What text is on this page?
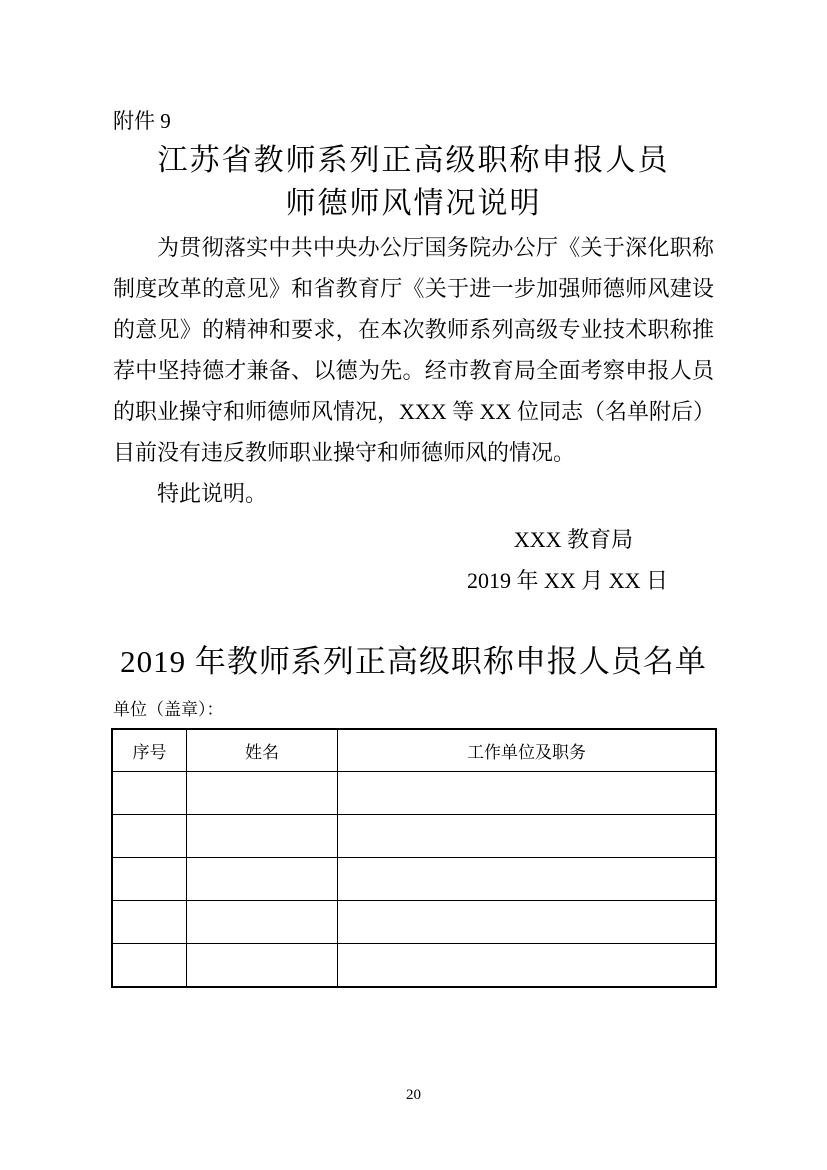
附件 9
江苏省教师系列正高级职称申报人员
师德师风情况说明
为贯彻落实中共中央办公厅国务院办公厅《关于深化职称
制度改革的意见》和省教育厅《关于进一步加强师德师风建设
的意见》的精神和要求，在本次教师系列高级专业技术职称推
荐中坚持德才兼备、以德为先。经市教育局全面考察申报人员
的职业操守和师德师风情况，XXX 等 XX 位同志（名单附后）
目前没有违反教师职业操守和师德师风的情况。
特此说明。
XXX 教育局
2019 年 XX 月 XX 日
2019 年教师系列正高级职称申报人员名单
单位（盖章）：
序号	姓名	工作单位及职务

20
